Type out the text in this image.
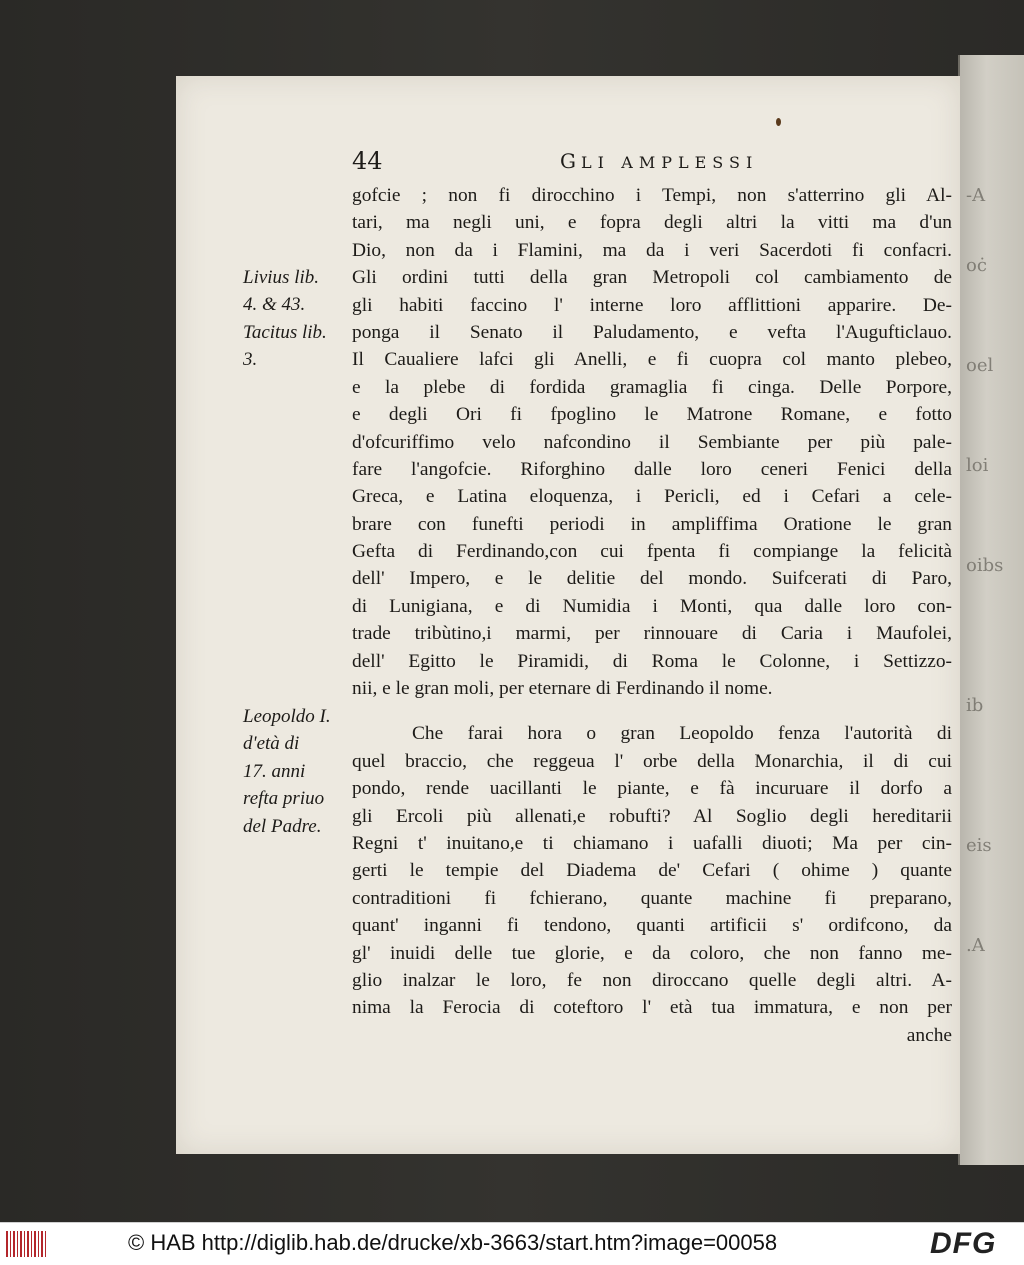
-A
oċ
oel
loi
oibs
ib
eis
.A
44	GLI AMPLESSI
gofcie ; non fi dirocchino i Tempi, non s'atterrino gli Al-
tari, ma negli uni, e fopra degli altri la vitti ma d'un
Dio, non da i Flamini, ma da i veri Sacerdoti fi confacri.
Gli ordini tutti della gran Metropoli col cambiamento de
gli habiti faccino l' interne loro afflittioni apparire. De-
ponga il Senato il Paludamento, e vefta l'Augufticlauo.
Il Caualiere lafci gli Anelli, e fi cuopra col manto plebeo,
e la plebe di fordida gramaglia fi cinga. Delle Porpore,
e degli Ori fi fpoglino le Matrone Romane, e fotto
d'ofcuriffimo velo nafcondino il Sembiante per più pale-
fare l'angofcie. Riforghino dalle loro ceneri Fenici della
Greca, e Latina eloquenza, i Pericli, ed i Cefari a cele-
brare con funefti periodi in ampliffima Oratione le gran
Gefta di Ferdinando,con cui fpenta fi compiange la felicità
dell' Impero, e le delitie del mondo. Suifcerati di Paro,
di Lunigiana, e di Numidia i Monti, qua dalle loro con-
trade tribùtino,i marmi, per rinnouare di Caria i Maufolei,
dell' Egitto le Piramidi, di Roma le Colonne, i Settizzo-
nii, e le gran moli, per eternare di Ferdinando il nome.
Che farai hora o gran Leopoldo fenza l'autorità di
quel braccio, che reggeua l' orbe della Monarchia, il di cui
pondo, rende uacillanti le piante, e fà incuruare il dorfo a
gli Ercoli più allenati,e robufti? Al Soglio degli hereditarii
Regni t' inuitano,e ti chiamano i uafalli diuoti; Ma per cin-
gerti le tempie del Diadema de' Cefari ( ohime ) quante
contraditioni fi fchierano, quante machine fi preparano,
quant' inganni fi tendono, quanti artificii s' ordifcono, da
gl' inuidi delle tue glorie, e da coloro, che non fanno me-
glio inalzar le loro, fe non diroccano quelle degli altri. A-
nima la Ferocia di coteftoro l' età tua immatura, e non per
anche
Livius lib.
4. & 43.
Tacitus lib.
3.
Leopoldo I.
d'età di
17. anni
refta priuo
del Padre.
© HAB http://diglib.hab.de/drucke/xb-3663/start.htm?image=00058	DFG
